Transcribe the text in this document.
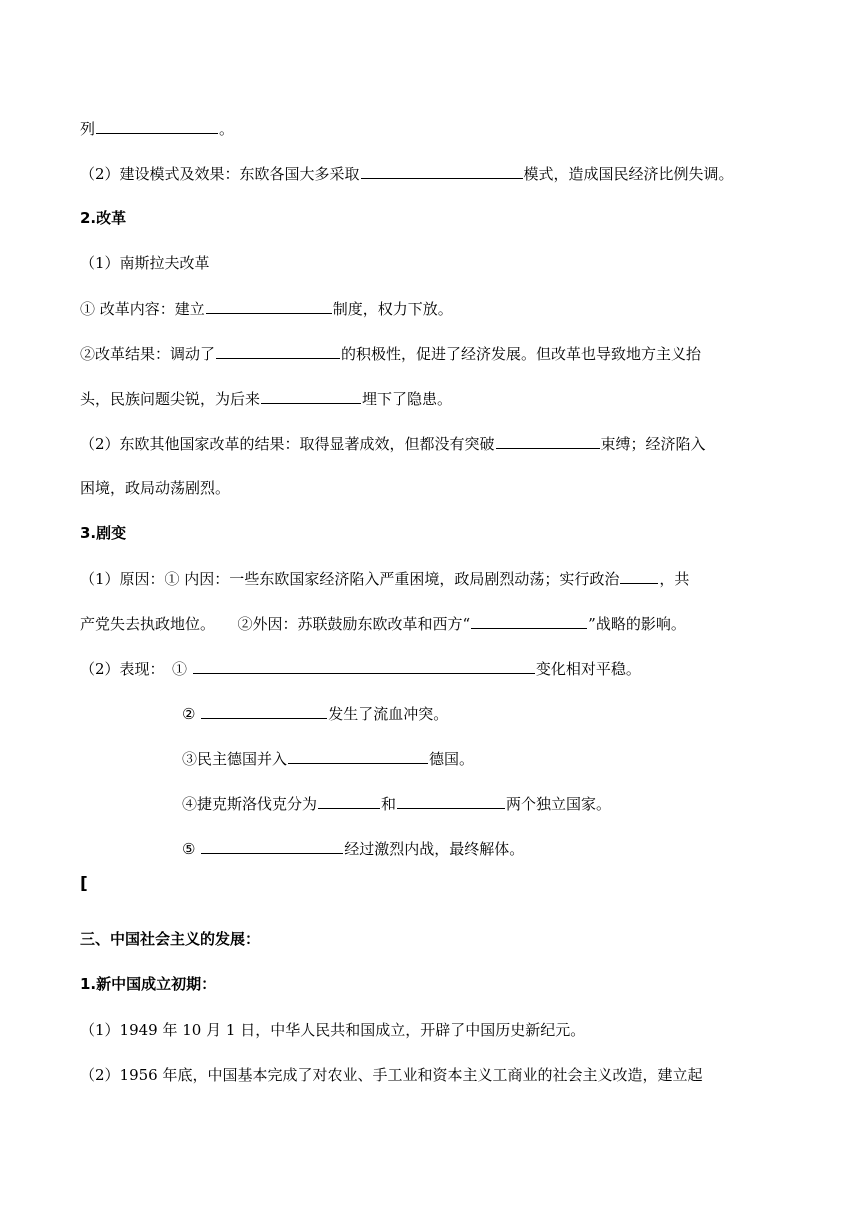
列	。
（2）建设模式及效果：东欧各国大多采取	模式，造成国民经济比例失调。
2.改革
（1）南斯拉夫改革
① 改革内容：建立	制度，权力下放。
②改革结果：调动了	的积极性，促进了经济发展。但改革也导致地方主义抬
头，民族问题尖锐，为后来	埋下了隐患。
（2）东欧其他国家改革的结果：取得显著成效，但都没有突破	束缚；经济陷入
困境，政局动荡剧烈。
3.剧变
（1）原因：① 内因：一些东欧国家经济陷入严重困境，政局剧烈动荡；实行政治	，共
产党失去执政地位。　　②外因：苏联鼓励东欧改革和西方“	”战略的影响。
（2）表现：　①	变化相对平稳。
②	发生了流血冲突。
③民主德国并入	德国。
④捷克斯洛伐克分为	和	两个独立国家。
⑤	经过激烈内战，最终解体。
[
三、中国社会主义的发展：
1.新中国成立初期：
（1）1949 年 10 月 1 日，中华人民共和国成立，开辟了中国历史新纪元。
（2）1956 年底，中国基本完成了对农业、手工业和资本主义工商业的社会主义改造，建立起
